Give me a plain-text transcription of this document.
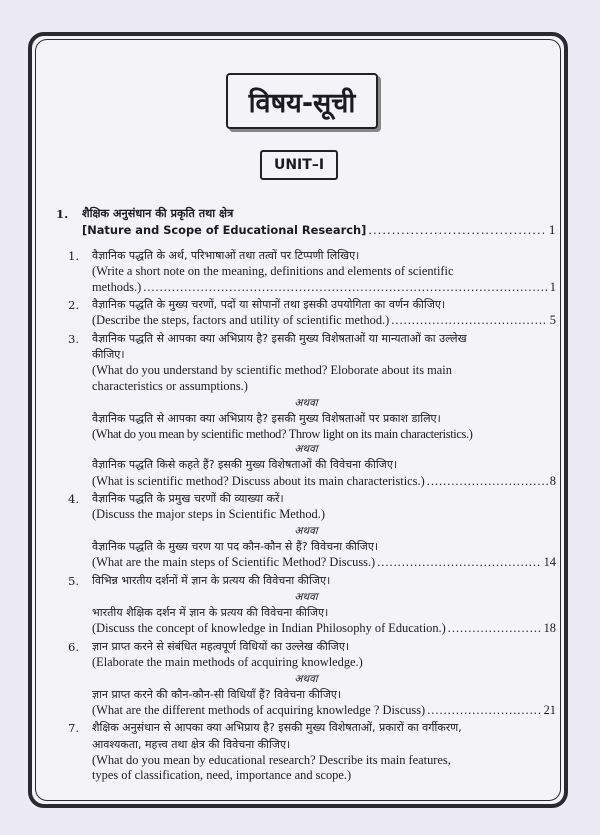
विषय-सूची
UNIT–I
1. शैक्षिक अनुसंधान की प्रकृति तथा क्षेत्र
[Nature and Scope of Educational Research] .....	1
1. वैज्ञानिक पद्धति के अर्थ, परिभाषाओं तथा तत्वों पर टिप्पणी लिखिए।
(Write a short note on the meaning, definitions and elements of scientific
methods.) .....	1
2. वैज्ञानिक पद्धति के मुख्य चरणों, पदों या सोपानों तथा इसकी उपयोगिता का वर्णन कीजिए।
(Describe the steps, factors and utility of scientific method.) .....	5
3. वैज्ञानिक पद्धति से आपका क्या अभिप्राय है? इसकी मुख्य विशेषताओं या मान्यताओं का उल्लेख
कीजिए।
(What do you understand by scientific method? Eloborate about its main
characteristics or assumptions.)
अथवा
वैज्ञानिक पद्धति से आपका क्या अभिप्राय है? इसकी मुख्य विशेषताओं पर प्रकाश डालिए।
(What do you mean by scientific method? Throw light on its main characteristics.)
अथवा
वैज्ञानिक पद्धति किसे कहते हैं? इसकी मुख्य विशेषताओं की विवेचना कीजिए।
(What is scientific method? Discuss about its main characteristics.) .....	8
4. वैज्ञानिक पद्धति के प्रमुख चरणों की व्याख्या करें।
(Discuss the major steps in Scientific Method.)
अथवा
वैज्ञानिक पद्धति के मुख्य चरण या पद कौन-कौन से हैं? विवेचना कीजिए।
(What are the main steps of Scientific Method? Discuss.) .....	14
5. विभिन्न भारतीय दर्शनों में ज्ञान के प्रत्यय की विवेचना कीजिए।
अथवा
भारतीय शैक्षिक दर्शन में ज्ञान के प्रत्यय की विवेचना कीजिए।
(Discuss the concept of knowledge in Indian Philosophy of Education.) .....	18
6. ज्ञान प्राप्त करने से संबंधित महत्वपूर्ण विधियों का उल्लेख कीजिए।
(Elaborate the main methods of acquiring knowledge.)
अथवा
ज्ञान प्राप्त करने की कौन-कौन-सी विधियाँ हैं? विवेचना कीजिए।
(What are the different methods of acquiring knowledge ? Discuss) .....	21
7. शैक्षिक अनुसंधान से आपका क्या अभिप्राय है? इसकी मुख्य विशेषताओं, प्रकारों का वर्गीकरण,
आवश्यकता, महत्त्व तथा क्षेत्र की विवेचना कीजिए।
(What do you mean by educational research? Describe its main features,
types of classification, need, importance and scope.)
